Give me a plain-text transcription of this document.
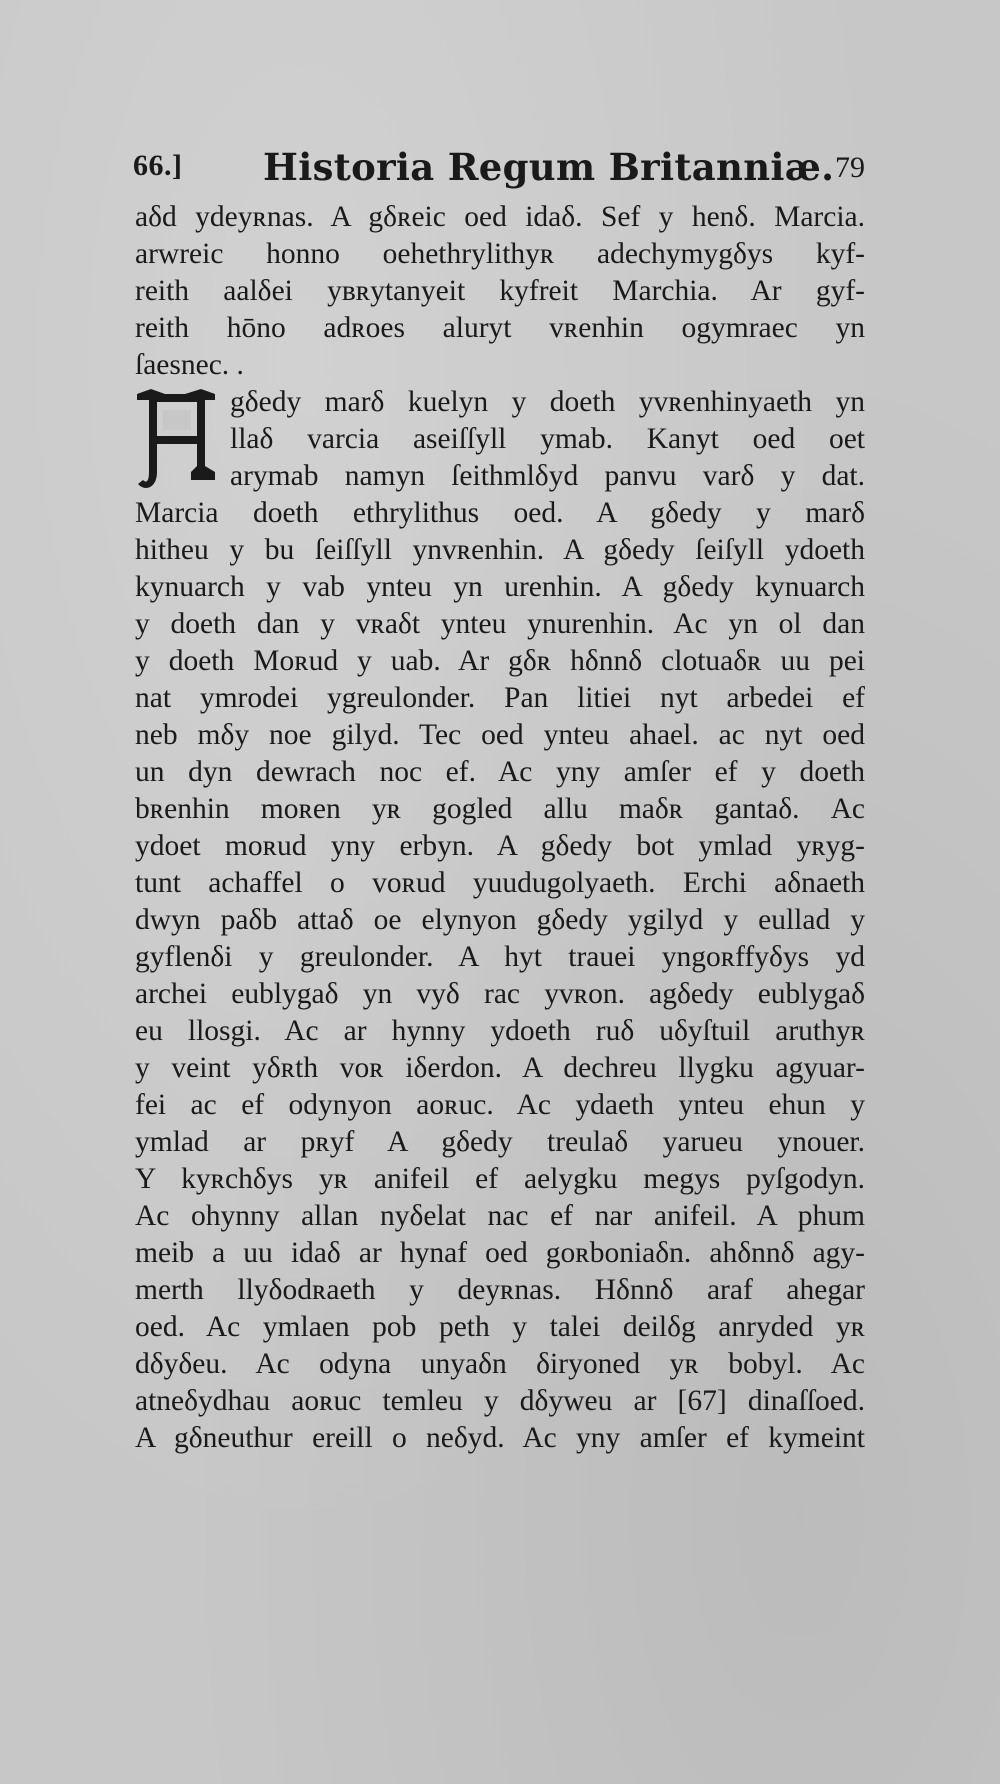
66.] Historia Regum Britanniæ. 79
aδd ydeyʀnas. A gδʀeic oed idaδ. Sef y henδ. Marcia.
arwreic honno oehethrylithyʀ adechymygδys kyf-
reith aalδei yʙʀytanyeit kyfreit Marchia. Ar gyf-
reith hōno adʀoes aluryt vʀenhin ogymraec yn
ſaesnec. .
gδedy marδ kuelyn y doeth yvʀenhinyaeth yn
llaδ varcia aseiſſyll ymab. Kanyt oed oet
arymab namyn ſeithmlδyd panvu varδ y dat.
Marcia doeth ethrylithus oed. A gδedy y marδ
hitheu y bu ſeiſſyll ynvʀenhin. A gδedy ſeiſyll ydoeth
kynuarch y vab ynteu yn urenhin. A gδedy kynuarch
y doeth dan y vʀaδt ynteu ynurenhin. Ac yn ol dan
y doeth Moʀud y uab. Ar gδʀ hδnnδ clotuaδʀ uu pei
nat ymrodei ygreulonder. Pan litiei nyt arbedei ef
neb mδy noe gilyd. Tec oed ynteu ahael. ac nyt oed
un dyn dewrach noc ef. Ac yny amſer ef y doeth
bʀenhin moʀen yʀ gogled allu maδʀ gantaδ. Ac
ydoet moʀud yny erbyn. A gδedy bot ymlad yʀyg-
tunt achaffel o voʀud yuudugolyaeth. Erchi aδnaeth
dwyn paδb attaδ oe elynyon gδedy ygilyd y eullad y
gyflenδi y greulonder. A hyt trauei yngoʀffyδys yd
archei eublygaδ yn vyδ rac yvʀon. agδedy eublygaδ
eu llosgi. Ac ar hynny ydoeth ruδ uδyſtuil aruthyʀ
y veint yδʀth voʀ iδerdon. A dechreu llygku agyuar-
fei ac ef odynyon aoʀuc. Ac ydaeth ynteu ehun y
ymlad ar pʀyf A gδedy treulaδ yarueu ynouer.
Y kyʀchδys yʀ anifeil ef aelygku megys pyſgodyn.
Ac ohynny allan nyδelat nac ef nar anifeil. A phum
meib a uu idaδ ar hynaf oed goʀboniaδn. ahδnnδ agy-
merth llyδodʀaeth y deyʀnas. Hδnnδ araf ahegar
oed. Ac ymlaen pob peth y talei deilδg anryded yʀ
dδyδeu. Ac odyna unyaδn δiryoned yʀ bobyl. Ac
atneδydhau aoʀuc temleu y dδyweu ar [67] dinaſſoed.
A gδneuthur ereill o neδyd. Ac yny amſer ef kymeint
